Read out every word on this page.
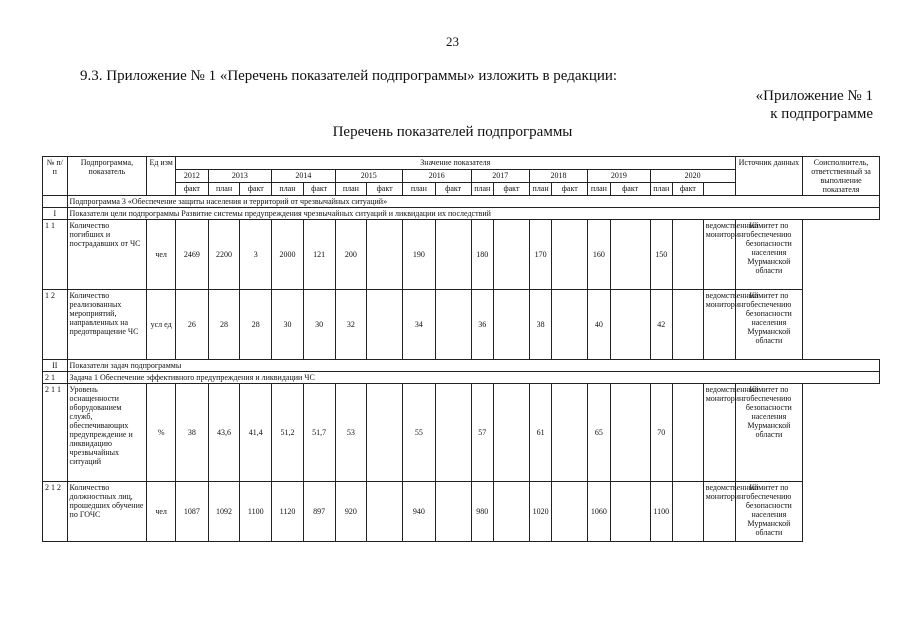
23
9.3. Приложение № 1 «Перечень показателей подпрограммы» изложить в редакции:
«Приложение № 1
к подпрограмме
Перечень показателей подпрограммы
№ п/п	Подпрограмма, показатель	Ед изм	Значение показателя																		Источник данных	Соисполнитель, ответственный за выполнение показателя
			2012	2013		2014		2015		2016		2017		2018		2019		2020				
			факт	план	факт	план	факт	план	факт	план	факт	план	факт	план	факт	план	факт	план	факт			
	Подпрограмма 3 «Обеспечение защиты населения и территорий от чрезвычайных ситуаций»																					
I	Показатели цели подпрограммы Развитие системы предупреждения чрезвычайных ситуаций и ликвидации их последствий																					
1 1	Количество погибших и пострадавших от ЧС	чел	2469	2200	3	2000	121	200		190		180		170		160		150		ведомственный мониторинг	Комитет по обеспечению безопасности населения Мурманской области	
1 2	Количество реализованных мероприятий, направленных на предотвращение ЧС	усл ед	26	28	28	30	30	32		34		36		38		40		42		ведомственный мониторинг	Комитет по обеспечению безопасности населения Мурманской области	
II	Показатели задач подпрограммы																					
2 1	Задача 1 Обеспечение эффективного предупреждения и ликвидации ЧС																					
2 1 1	Уровень оснащенности оборудованием служб, обеспечивающих предупреждение и ликвидацию чрезвычайных ситуаций	%	38	43,6	41,4	51,2	51,7	53		55		57		61		65		70		ведомственный мониторинг	Комитет по обеспечению безопасности населения Мурманской области	
2 1 2	Количество должностных лиц, прошедших обучение по ГОЧС	чел	1087	1092	1100	1120	897	920		940		980		1020		1060		1100		ведомственный мониторинг	Комитет по обеспечению безопасности населения Мурманской области	
